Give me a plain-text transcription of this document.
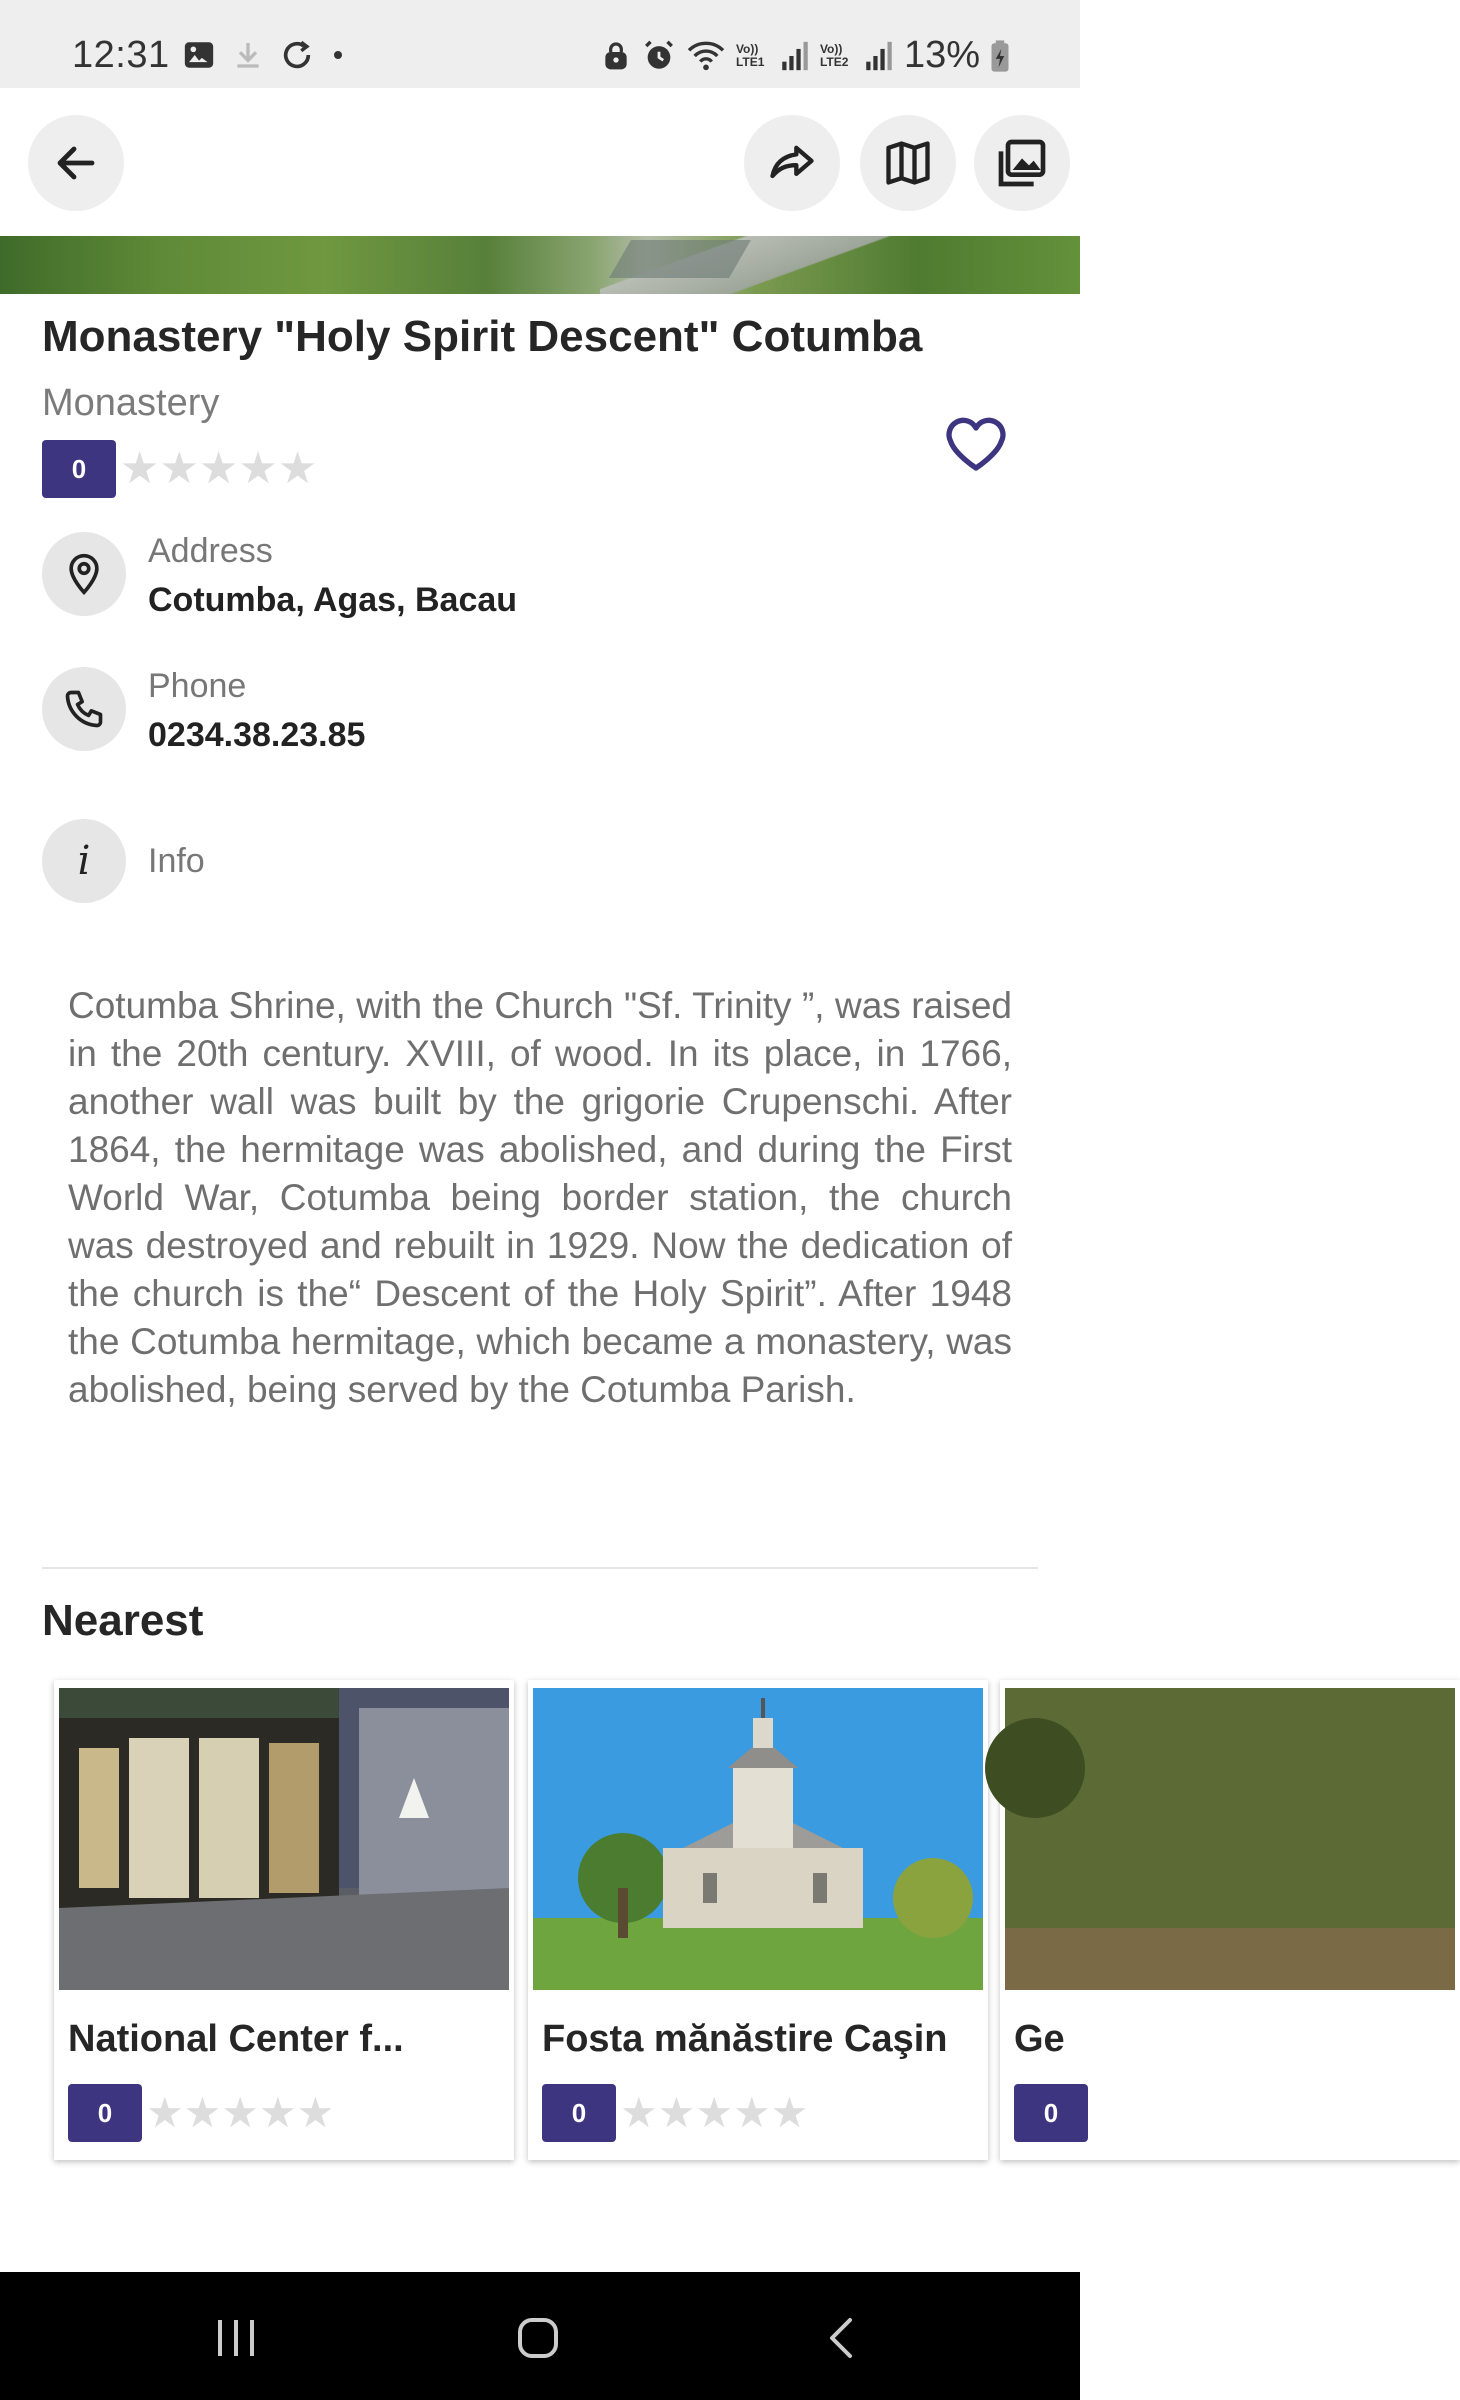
12:31	Vo)) LTE1
Vo)) LTE2 13%
Monastery "Holy Spirit Descent" Cotumba
Monastery
0 ★ ★ ★ ★ ★
Address
Cotumba, Agas, Bacau
Phone
0234.38.23.85
i Info
Cotumba Shrine, with the Church "Sf. Trinity ”, was raised in the 20th century. XVIII, of wood. In its place, in 1766, another wall was built by the grigorie Crupenschi. After 1864, the hermitage was abolished, and during the First World War, Cotumba being border station, the church was destroyed and rebuilt in 1929. Now the dedication of the church is the“ Descent of the Holy Spirit”. After 1948 the Cotumba hermitage, which became a monastery, was abolished, being served by the Cotumba Parish.
Nearest
National Center f...
0 ★ ★ ★ ★ ★
Fosta mănăstire Caşin
0 ★ ★ ★ ★ ★
Ge
0
